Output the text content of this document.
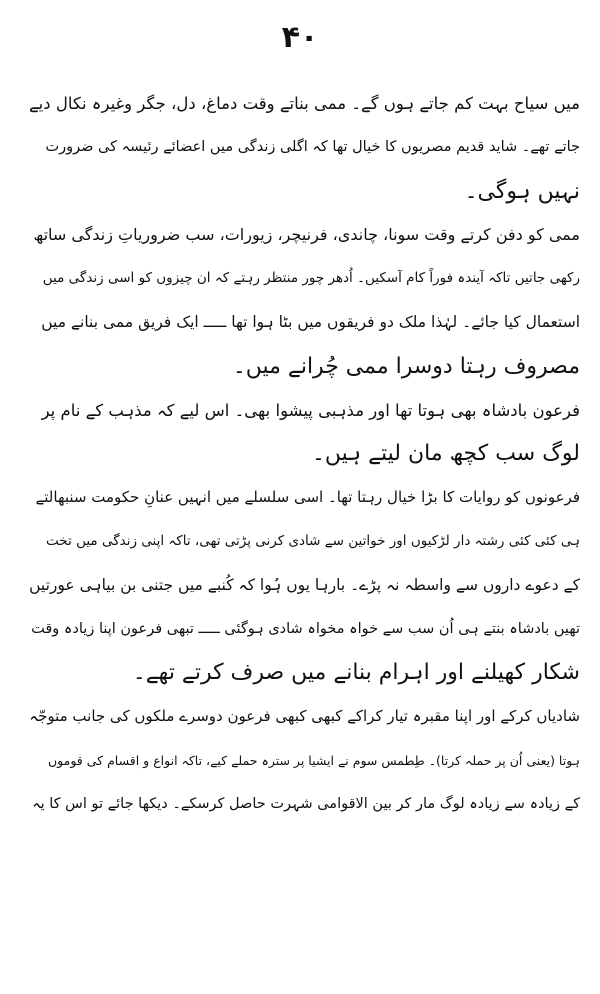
۴۰
میں سیاح بہت کم جاتے ہوں گے۔ ممی بناتے وقت دماغ، دل، جگر وغیرہ نکال دیے
جاتے تھے۔ شاید قدیم مصریوں کا خیال تھا کہ اگلی زندگی میں اعضائے رئیسہ کی ضرورت
نہیں ہوگی۔
ممی کو دفن کرتے وقت سونا، چاندی، فرنیچر، زیورات، سب ضروریاتِ زندگی ساتھ
رکھی جاتیں تاکہ آیندہ فوراً کام آسکیں۔ اُدھر چور منتظر رہتے کہ ان چیزوں کو اسی زندگی میں
استعمال کیا جائے۔ لہٰذا ملک دو فریقوں میں بٹا ہوا تھا ـــــ ایک فریق ممی بنانے میں
مصروف رہتا دوسرا ممی چُرانے میں۔
فرعون بادشاہ بھی ہوتا تھا اور مذہبی پیشوا بھی۔ اس لیے کہ مذہب کے نام پر
لوگ سب کچھ مان لیتے ہیں۔
فرعونوں کو روایات کا بڑا خیال رہتا تھا۔ اسی سلسلے میں انہیں عنانِ حکومت سنبھالتے
ہی کئی کئی رشتہ دار لڑکیوں اور خواتین سے شادی کرنی پڑتی تھی، تاکہ اپنی زندگی میں تخت
کے دعوے داروں سے واسطہ نہ پڑے۔ بارہا یوں ہُوا کہ کُنبے میں جتنی بن بیاہی عورتیں
تھیں بادشاہ بنتے ہی اُن سب سے خواہ مخواہ شادی ہوگئی ـــــ تبھی فرعون اپنا زیادہ وقت
شکار کھیلنے اور اہرام بنانے میں صرف کرتے تھے۔
شادیاں کرکے اور اپنا مقبرہ تیار کراکے کبھی کبھی فرعون دوسرے ملکوں کی جانب متوجّہ
ہوتا (یعنی اُن پر حملہ کرتا)۔ طِطمس سوم نے ایشیا پر سترہ حملے کیے، تاکہ انواع و اقسام کی قوموں
کے زیادہ سے زیادہ لوگ مار کر بین الاقوامی شہرت حاصل کرسکے۔ دیکھا جائے تو اس کا یہ
